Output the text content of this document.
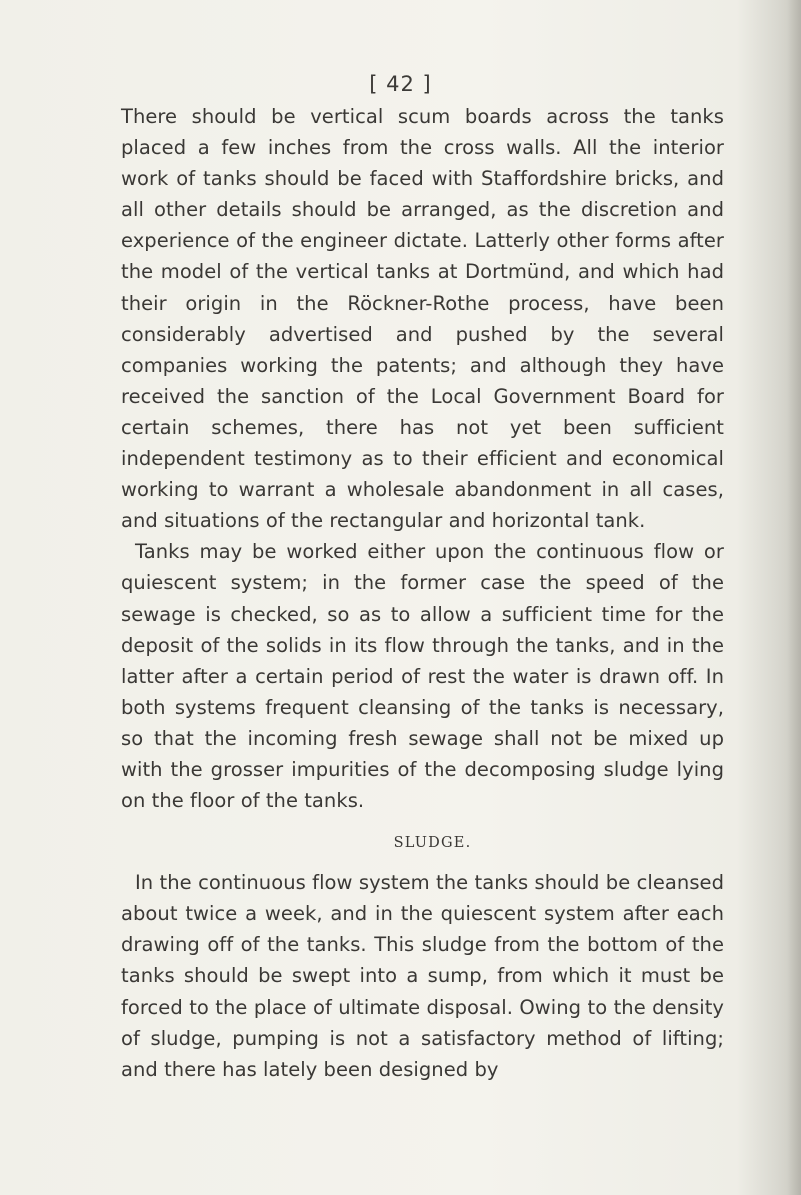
[ 42 ]

There should be vertical scum boards across the tanks placed a few inches from the cross walls. All the interior work of tanks should be faced with Staffordshire bricks, and all other details should be arranged, as the discretion and experience of the engineer dictate. Latterly other forms after the model of the vertical tanks at Dortmünd, and which had their origin in the Röckner-Rothe process, have been considerably advertised and pushed by the several companies working the patents; and although they have received the sanction of the Local Government Board for certain schemes, there has not yet been sufficient independent testimony as to their efficient and economical working to warrant a wholesale abandonment in all cases, and situations of the rectangular and horizontal tank.

Tanks may be worked either upon the continuous flow or quiescent system; in the former case the speed of the sewage is checked, so as to allow a sufficient time for the deposit of the solids in its flow through the tanks, and in the latter after a certain period of rest the water is drawn off. In both systems frequent cleansing of the tanks is necessary, so that the incoming fresh sewage shall not be mixed up with the grosser impurities of the decomposing sludge lying on the floor of the tanks.

SLUDGE.

In the continuous flow system the tanks should be cleansed about twice a week, and in the quiescent system after each drawing off of the tanks. This sludge from the bottom of the tanks should be swept into a sump, from which it must be forced to the place of ultimate disposal. Owing to the density of sludge, pumping is not a satisfactory method of lifting; and there has lately been designed by
